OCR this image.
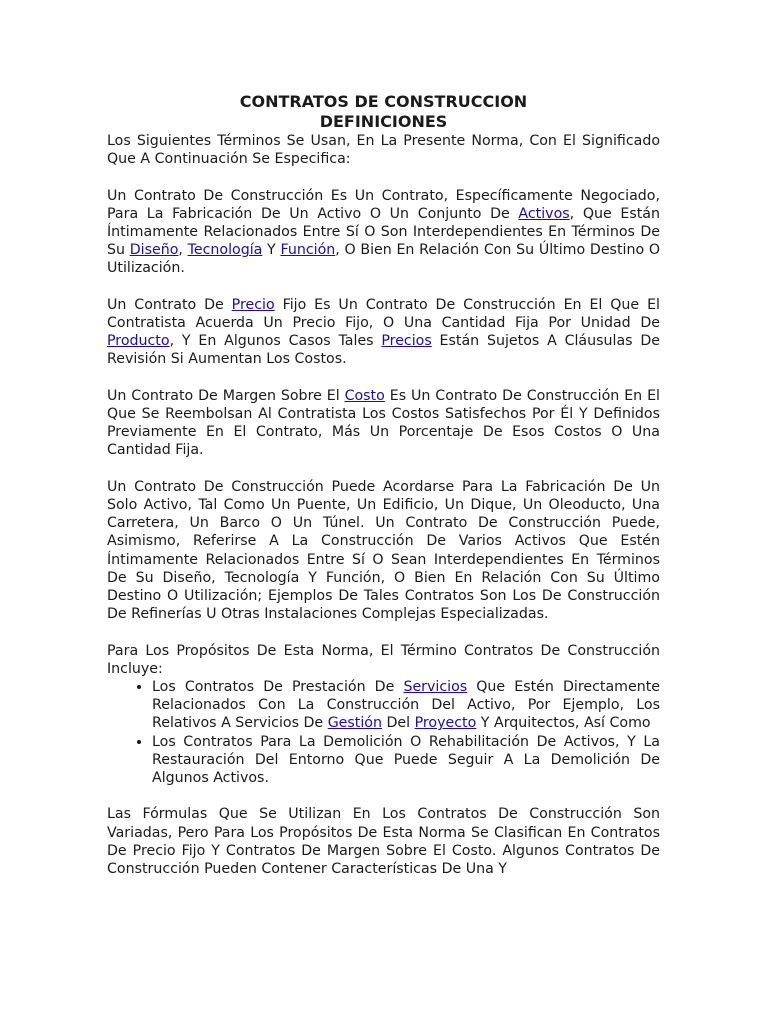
CONTRATOS DE CONSTRUCCION
DEFINICIONES

Los Siguientes Términos Se Usan, En La Presente Norma, Con El Significado Que A Continuación Se Especifica:

Un Contrato De Construcción Es Un Contrato, Específicamente Negociado, Para La Fabricación De Un Activo O Un Conjunto De Activos, Que Están Íntimamente Relacionados Entre Sí O Son Interdependientes En Términos De Su Diseño, Tecnología Y Función, O Bien En Relación Con Su Último Destino O Utilización.

Un Contrato De Precio Fijo Es Un Contrato De Construcción En El Que El Contratista Acuerda Un Precio Fijo, O Una Cantidad Fija Por Unidad De Producto, Y En Algunos Casos Tales Precios Están Sujetos A Cláusulas De Revisión Si Aumentan Los Costos.

Un Contrato De Margen Sobre El Costo Es Un Contrato De Construcción En El Que Se Reembolsan Al Contratista Los Costos Satisfechos Por Él Y Definidos Previamente En El Contrato, Más Un Porcentaje De Esos Costos O Una Cantidad Fija.

Un Contrato De Construcción Puede Acordarse Para La Fabricación De Un Solo Activo, Tal Como Un Puente, Un Edificio, Un Dique, Un Oleoducto, Una Carretera, Un Barco O Un Túnel. Un Contrato De Construcción Puede, Asimismo, Referirse A La Construcción De Varios Activos Que Estén Íntimamente Relacionados Entre Sí O Sean Interdependientes En Términos De Su Diseño, Tecnología Y Función, O Bien En Relación Con Su Último Destino O Utilización; Ejemplos De Tales Contratos Son Los De Construcción De Refinerías U Otras Instalaciones Complejas Especializadas.

Para Los Propósitos De Esta Norma, El Término Contratos De Construcción Incluye:

• Los Contratos De Prestación De Servicios Que Estén Directamente Relacionados Con La Construcción Del Activo, Por Ejemplo, Los Relativos A Servicios De Gestión Del Proyecto Y Arquitectos, Así Como
• Los Contratos Para La Demolición O Rehabilitación De Activos, Y La Restauración Del Entorno Que Puede Seguir A La Demolición De Algunos Activos.

Las Fórmulas Que Se Utilizan En Los Contratos De Construcción Son Variadas, Pero Para Los Propósitos De Esta Norma Se Clasifican En Contratos De Precio Fijo Y Contratos De Margen Sobre El Costo. Algunos Contratos De Construcción Pueden Contener Características De Una Y
